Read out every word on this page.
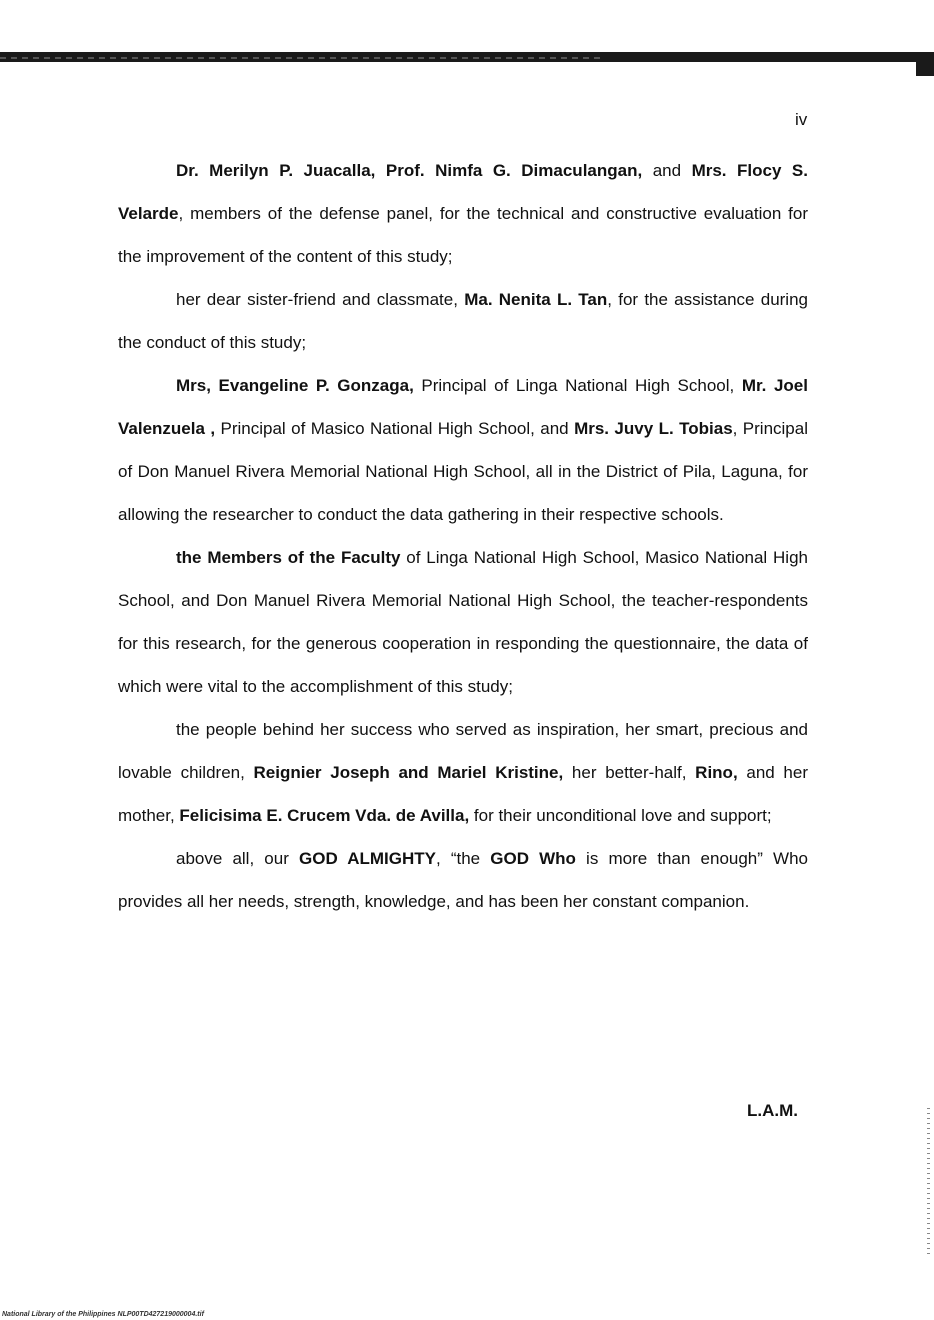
iv

Dr. Merilyn P. Juacalla, Prof. Nimfa G. Dimaculangan, and Mrs. Flocy S. Velarde, members of the defense panel, for the technical and constructive evaluation for the improvement of the content of this study;

her dear sister-friend and classmate, Ma. Nenita L. Tan, for the assistance during the conduct of this study;

Mrs, Evangeline P. Gonzaga, Principal of Linga National High School, Mr. Joel Valenzuela , Principal of Masico National High School, and Mrs. Juvy L. Tobias, Principal of Don Manuel Rivera Memorial National High School, all in the District of Pila, Laguna, for allowing the researcher to conduct the data gathering in their respective schools.

the Members of the Faculty of Linga National High School, Masico National High School, and Don Manuel Rivera Memorial National High School, the teacher-respondents for this research, for the generous cooperation in responding the questionnaire, the data of which were vital to the accomplishment of this study;

the people behind her success who served as inspiration, her smart, precious and lovable children, Reignier Joseph and Mariel Kristine, her better-half, Rino, and her mother, Felicisima E. Crucem Vda. de Avilla, for their unconditional love and support;

above all, our GOD ALMIGHTY, “the GOD Who is more than enough” Who provides all her needs, strength, knowledge, and has been her constant companion.

L.A.M.
National Library of the Philippines NLP00TD427219000004.tif
